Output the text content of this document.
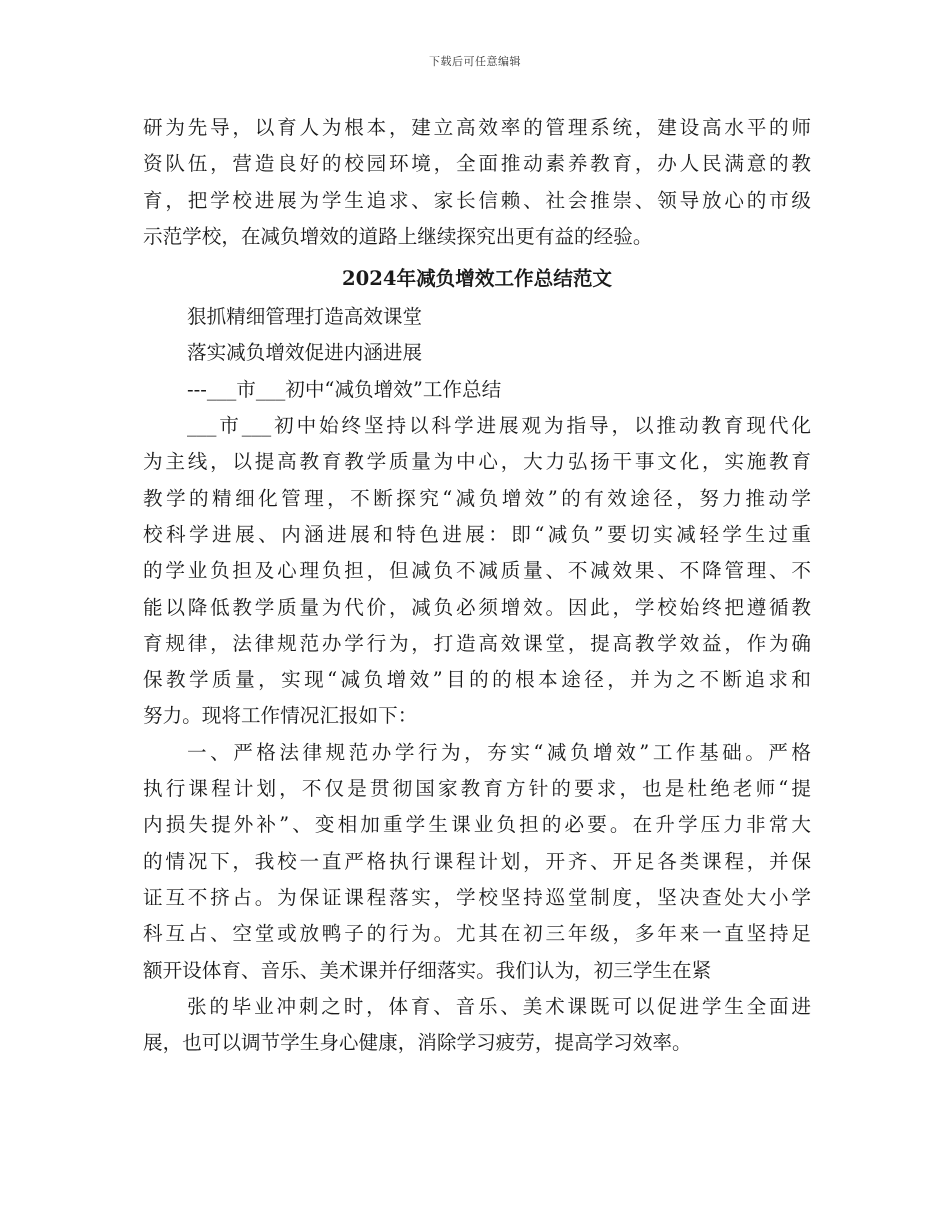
下载后可任意编辑
研为先导，以育人为根本，建立高效率的管理系统，建设高水平的师
资队伍，营造良好的校园环境，全面推动素养教育，办人民满意的教
育，把学校进展为学生追求、家长信赖、社会推崇、领导放心的市级
示范学校，在减负增效的道路上继续探究出更有益的经验。
2024年减负增效工作总结范文
狠抓精细管理打造高效课堂
落实减负增效促进内涵进展
---___市___初中“减负增效”工作总结
___市___初中始终坚持以科学进展观为指导，以推动教育现代化
为主线，以提高教育教学质量为中心，大力弘扬干事文化，实施教育
教学的精细化管理，不断探究“减负增效”的有效途径，努力推动学
校科学进展、内涵进展和特色进展：即“减负”要切实减轻学生过重
的学业负担及心理负担，但减负不减质量、不减效果、不降管理、不
能以降低教学质量为代价，减负必须增效。因此，学校始终把遵循教
育规律，法律规范办学行为，打造高效课堂，提高教学效益，作为确
保教学质量，实现“减负增效”目的的根本途径，并为之不断追求和
努力。现将工作情况汇报如下：
一、严格法律规范办学行为，夯实“减负增效”工作基础。严格
执行课程计划，不仅是贯彻国家教育方针的要求，也是杜绝老师“提
内损失提外补”、变相加重学生课业负担的必要。在升学压力非常大
的情况下，我校一直严格执行课程计划，开齐、开足各类课程，并保
证互不挤占。为保证课程落实，学校坚持巡堂制度，坚决查处大小学
科互占、空堂或放鸭子的行为。尤其在初三年级，多年来一直坚持足
额开设体育、音乐、美术课并仔细落实。我们认为，初三学生在紧
张的毕业冲刺之时，体育、音乐、美术课既可以促进学生全面进
展，也可以调节学生身心健康，消除学习疲劳，提高学习效率。
